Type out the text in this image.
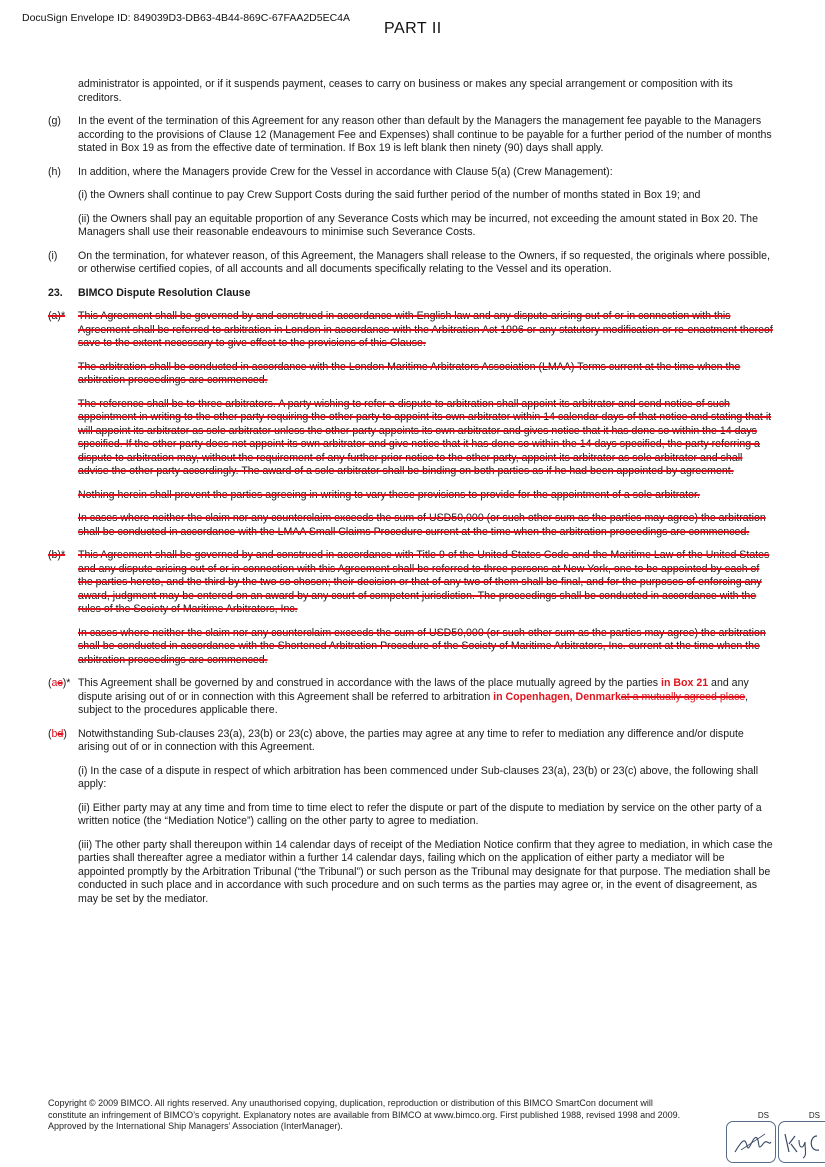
DocuSign Envelope ID: 849039D3-DB63-4B44-869C-67FAA2D5EC4A
PART II

administrator is appointed, or if it suspends payment, ceases to carry on business or makes any special arrangement or composition with its creditors.

(g)	In the event of the termination of this Agreement for any reason other than default by the Managers the management fee payable to the Managers according to the provisions of Clause 12 (Management Fee and Expenses) shall continue to be payable for a further period of the number of months stated in Box 19 as from the effective date of termination. If Box 19 is left blank then ninety (90) days shall apply.
(h)	In addition, where the Managers provide Crew for the Vessel in accordance with Clause 5(a) (Crew Management):
(i) the Owners shall continue to pay Crew Support Costs during the said further period of the number of months stated in Box 19; and
(ii) the Owners shall pay an equitable proportion of any Severance Costs which may be incurred, not exceeding the amount stated in Box 20. The Managers shall use their reasonable endeavours to minimise such Severance Costs.
(i)	On the termination, for whatever reason, of this Agreement, the Managers shall release to the Owners, if so requested, the originals where possible, or otherwise certified copies, of all accounts and all documents specifically relating to the Vessel and its operation.
23. BIMCO Dispute Resolution Clause
(a)*	This Agreement shall be governed by and construed in accordance with English law and any dispute arising out of or in connection with this Agreement shall be referred to arbitration in London in accordance with the Arbitration Act 1996 or any statutory modification or re-enactment thereof save to the extent necessary to give effect to the provisions of this Clause.

The arbitration shall be conducted in accordance with the London Maritime Arbitrators Association (LMAA) Terms current at the time when the arbitration proceedings are commenced.

The reference shall be to three arbitrators. A party wishing to refer a dispute to arbitration shall appoint its arbitrator and send notice of such appointment in writing to the other party requiring the other party to appoint its own arbitrator within 14 calendar days of that notice and stating that it will appoint its arbitrator as sole arbitrator unless the other party appoints its own arbitrator and gives notice that it has done so within the 14 days specified. If the other party does not appoint its own arbitrator and give notice that it has done so within the 14 days specified, the party referring a dispute to arbitration may, without the requirement of any further prior notice to the other party, appoint its arbitrator as sole arbitrator and shall advise the other party accordingly. The award of a sole arbitrator shall be binding on both parties as if he had been appointed by agreement.

Nothing herein shall prevent the parties agreeing in writing to vary these provisions to provide for the appointment of a sole arbitrator.

In cases where neither the claim nor any counterclaim exceeds the sum of USD50,000 (or such other sum as the parties may agree) the arbitration shall be conducted in accordance with the LMAA Small Claims Procedure current at the time when the arbitration proceedings are commenced.

(b)*	This Agreement shall be governed by and construed in accordance with Title 9 of the United States Code and the Maritime Law of the United States and any dispute arising out of or in connection with this Agreement shall be referred to three persons at New York, one to be appointed by each of the parties hereto, and the third by the two so chosen; their decision or that of any two of them shall be final, and for the purposes of enforcing any award, judgment may be entered on an award by any court of competent jurisdiction. The proceedings shall be conducted in accordance with the rules of the Society of Maritime Arbitrators, Inc.

In cases where neither the claim nor any counterclaim exceeds the sum of USD50,000 (or such other sum as the parties may agree) the arbitration shall be conducted in accordance with the Shortened Arbitration Procedure of the Society of Maritime Arbitrators, Inc. current at the time when the arbitration proceedings are commenced.

(ac)* This Agreement shall be governed by and construed in accordance with the laws of the place mutually agreed by the parties in Box 21 and any dispute arising out of or in connection with this Agreement shall be referred to arbitration in Copenhagen, Denmarkat a mutually agreed place, subject to the procedures applicable there.
(bd)	Notwithstanding Sub-clauses 23(a), 23(b) or 23(c) above, the parties may agree at any time to refer to mediation any difference and/or dispute arising out of or in connection with this Agreement.
(i) In the case of a dispute in respect of which arbitration has been commenced under Sub-clauses 23(a), 23(b) or 23(c) above, the following shall apply:
(ii) Either party may at any time and from time to time elect to refer the dispute or part of the dispute to mediation by service on the other party of a written notice (the “Mediation Notice”) calling on the other party to agree to mediation.
(iii) The other party shall thereupon within 14 calendar days of receipt of the Mediation Notice confirm that they agree to mediation, in which case the parties shall thereafter agree a mediator within a further 14 calendar days, failing which on the application of either party a mediator will be appointed promptly by the Arbitration Tribunal (“the Tribunal”) or such person as the Tribunal may designate for that purpose. The mediation shall be conducted in such place and in accordance with such procedure and on such terms as the parties may agree or, in the event of disagreement, as may be set by the mediator.
Copyright © 2009 BIMCO. All rights reserved. Any unauthorised copying, duplication, reproduction or distribution of this BIMCO SmartCon document will
constitute an infringement of BIMCO’s copyright. Explanatory notes are available from BIMCO at www.bimco.org. First published 1988, revised 1998 and 2009.
Approved by the International Ship Managers’ Association (InterManager).
DS	DS
